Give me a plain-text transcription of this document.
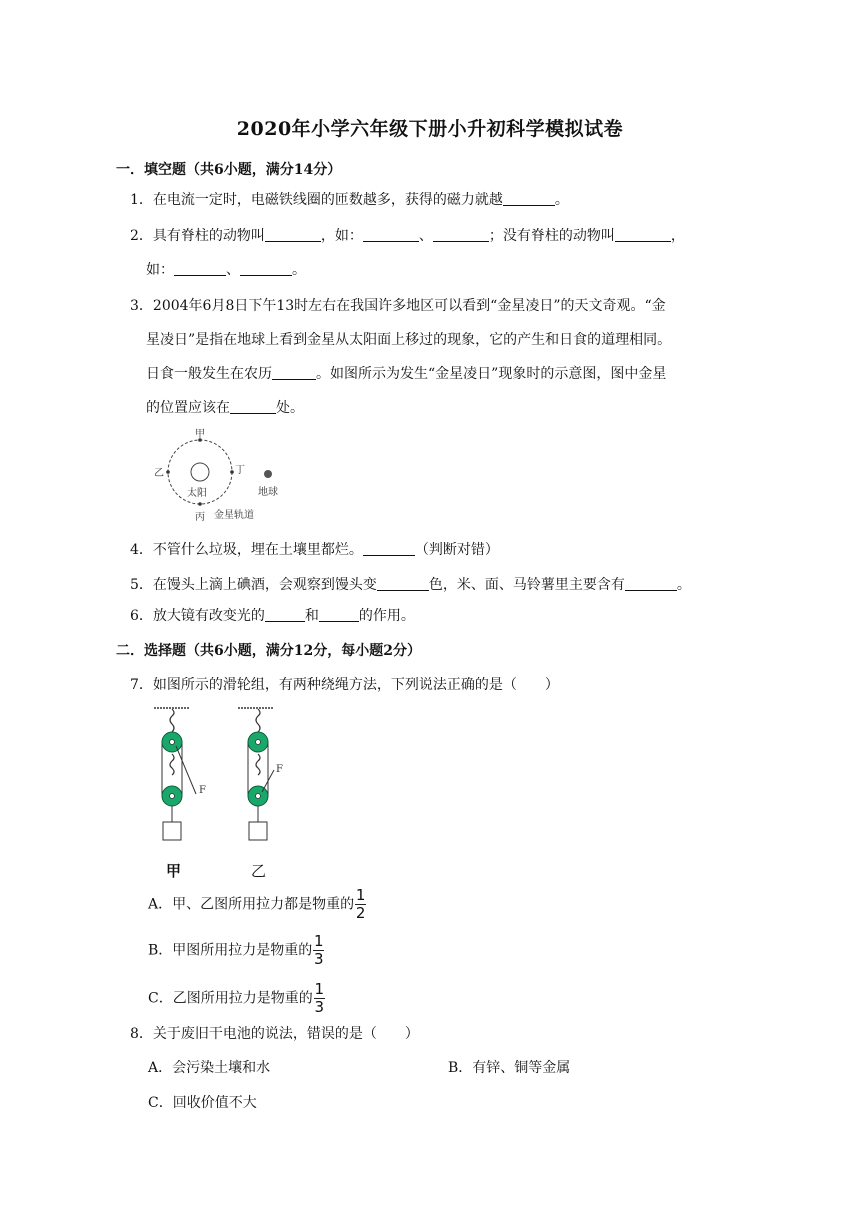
2020年小学六年级下册小升初科学模拟试卷
一．填空题（共6小题，满分14分）
1．在电流一定时，电磁铁线圈的匝数越多，获得的磁力就越	。
2．具有脊柱的动物叫	，如：	、	；没有脊柱的动物叫	，
如：	、	。
3．2004年6月8日下午13时左右在我国许多地区可以看到“金星凌日”的天文奇观。“金
星凌日”是指在地球上看到金星从太阳面上移过的现象，它的产生和日食的道理相同。
日食一般发生在农历	。如图所示为发生“金星凌日”现象时的示意图，图中金星
的位置应该在	处。
甲
乙	丁
丙
太阳	地球
金星轨道
4．不管什么垃圾，埋在土壤里都烂。	（判断对错）
5．在馒头上滴上碘酒，会观察到馒头变	色，米、面、马铃薯里主要含有	。
6．放大镜有改变光的	和	的作用。
二．选择题（共6小题，满分12分，每小题2分）
7．如图所示的滑轮组，有两种绕绳方法，下列说法正确的是（　　）
F
F
甲	乙
A．甲、乙图所用拉力都是物重的 $\frac{1}{2}$
B．甲图所用拉力是物重的 $\frac{1}{3}$
C．乙图所用拉力是物重的 $\frac{1}{3}$
8．关于废旧干电池的说法，错误的是（　　）
A．会污染土壤和水	B．有锌、铜等金属
C．回收价值不大
